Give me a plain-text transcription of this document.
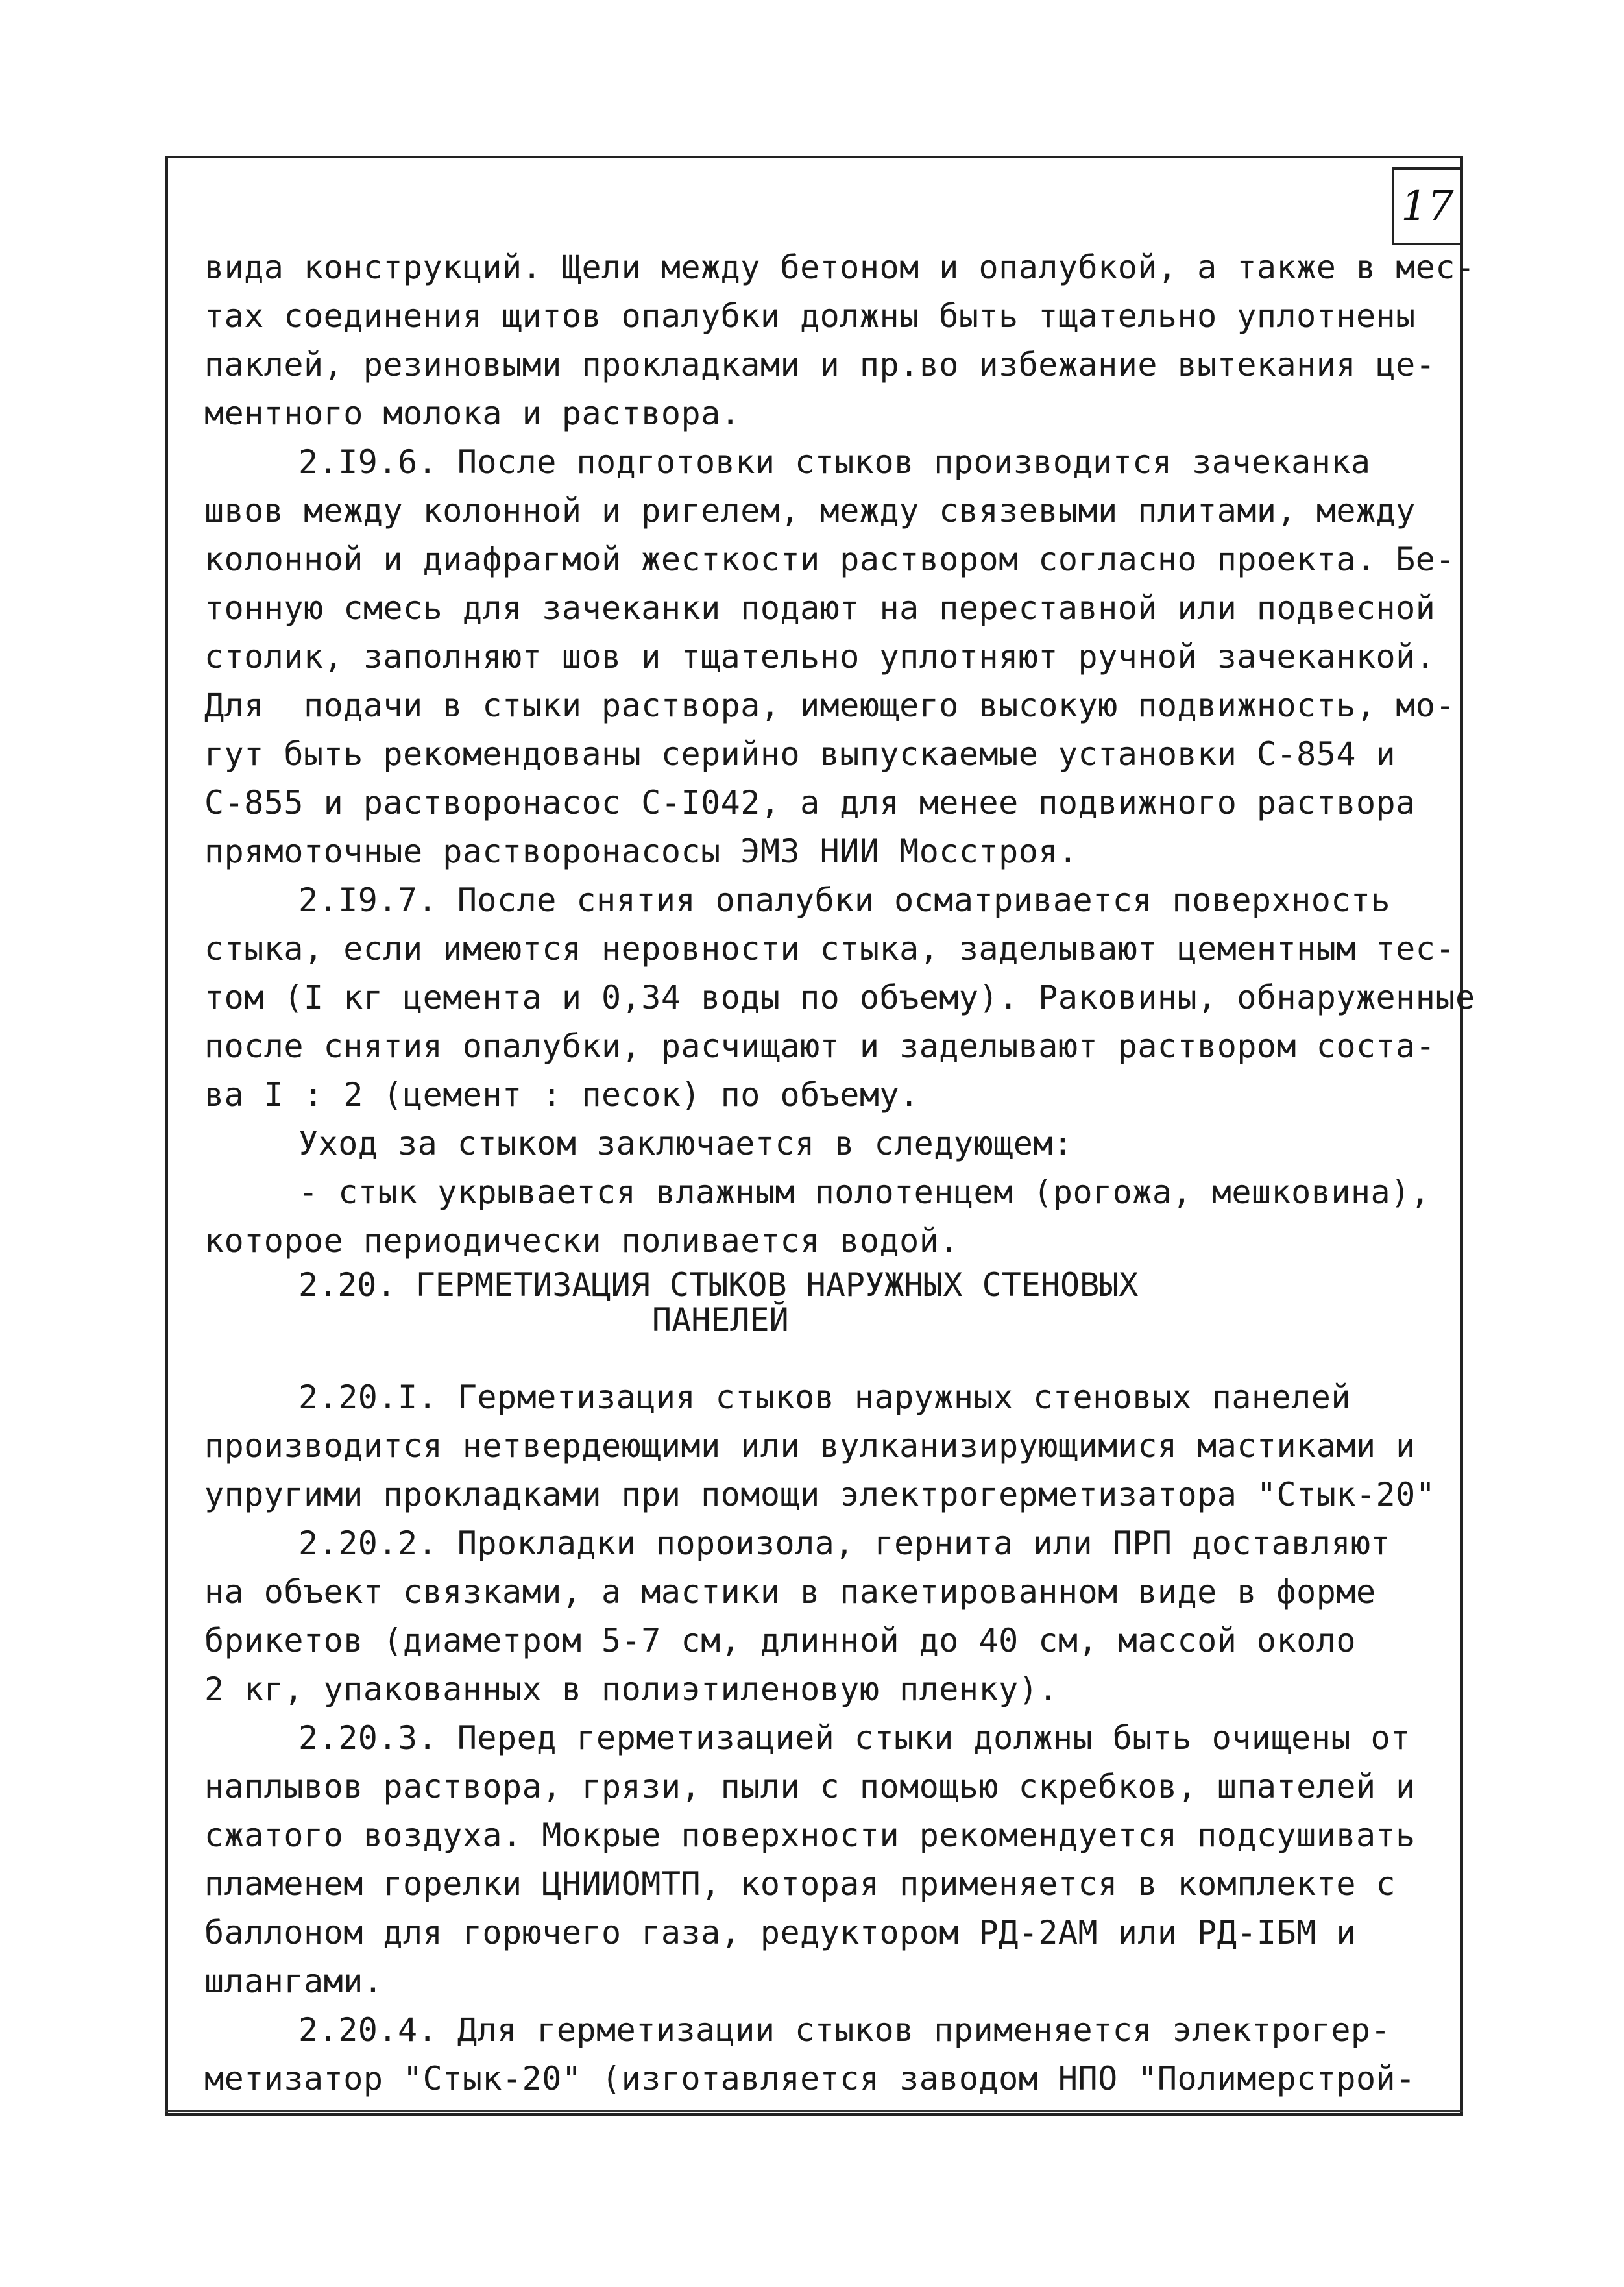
17
вида конструкций. Щели между бетоном и опалубкой, а также в мес-
тах соединения щитов опалубки должны быть тщательно уплотнены
паклей, резиновыми прокладками и пр.во избежание вытекания це-
ментного молока и раствора.
2.I9.6. После подготовки стыков производится зачеканка
швов между колонной и ригелем, между связевыми плитами, между
колонной и диафрагмой жесткости раствором согласно проекта. Бе-
тонную смесь для зачеканки подают на переставной или подвесной
столик, заполняют шов и тщательно уплотняют ручной зачеканкой.
Для  подачи в стыки раствора, имеющего высокую подвижность, мо-
гут быть рекомендованы серийно выпускаемые установки С-854 и
С-855 и растворонасос С-I042, а для менее подвижного раствора
прямоточные растворонасосы ЭМЗ НИИ Мосстроя.
2.I9.7. После снятия опалубки осматривается поверхность
стыка, если имеются неровности стыка, заделывают цементным тес-
том (I кг цемента и 0,34 воды по объему). Раковины, обнаруженные
после снятия опалубки, расчищают и заделывают раствором соста-
ва I : 2 (цемент : песок) по объему.
Уход за стыком заключается в следующем:
- стык укрывается влажным полотенцем (рогожа, мешковина),
которое периодически поливается водой.
2.20. ГЕРМЕТИЗАЦИЯ СТЫКОВ НАРУЖНЫХ СТЕНОВЫХ
ПАНЕЛЕЙ
2.20.I. Герметизация стыков наружных стеновых панелей
производится нетвердеющими или вулканизирующимися мастиками и
упругими прокладками при помощи электрогерметизатора "Стык-20"
2.20.2. Прокладки пороизола, гернита или ПРП доставляют
на объект связками, а мастики в пакетированном виде в форме
брикетов (диаметром 5-7 см, длинной до 40 см, массой около
2 кг, упакованных в полиэтиленовую пленку).
2.20.3. Перед герметизацией стыки должны быть очищены от
наплывов раствора, грязи, пыли с помощью скребков, шпателей и
сжатого воздуха. Мокрые поверхности рекомендуется подсушивать
пламенем горелки ЦНИИОМТП, которая применяется в комплекте с
баллоном для горючего газа, редуктором РД-2АМ или РД-IБМ и
шлангами.
2.20.4. Для герметизации стыков применяется электрогер-
метизатор "Стык-20" (изготавляется заводом НПО "Полимерстрой-
